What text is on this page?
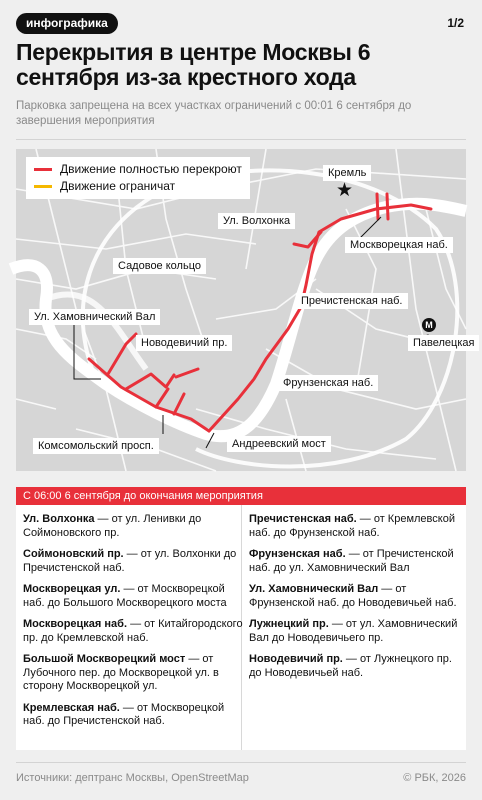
инфографика	1/2
Перекрытия в центре Москвы 6 сентября из-за крестного хода
Парковка запрещена на всех участках ограничений с 00:01 6 сентября до завершения мероприятия
Движение полностью перекроют
Движение ограничат
Кремль
★
Ул. Волхонка
Москворецкая наб.
Садовое кольцо
Пречистенская наб.
Ул. Хамовнический Вал
Новодевичий пр.
М
Павелецкая
Фрунзенская наб.
Комсомольский просп.	Андреевский мост
С 06:00 6 сентября до окончания мероприятия
Ул. Волхонка — от ул. Ленивки до Соймоновского пр.
Соймоновский пр. — от ул. Волхонки до Пречистенской наб.
Москворецкая ул. — от Москворецкой наб. до Большого Москворецкого моста
Москворецкая наб. — от Китайгородского пр. до Кремлевской наб.
Большой Москворецкий мост — от Лубочного пер. до Москворецкой ул. в сторону Москворецкой ул.
Кремлевская наб. — от Москворецкой наб. до Пречистенской наб.
Пречистенская наб. — от Кремлевской наб. до Фрунзенской наб.
Фрунзенская наб. — от Пречистенской наб. до ул. Хамовнический Вал
Ул. Хамовнический Вал — от Фрунзенской наб. до Новодевичьей наб.
Лужнецкий пр. — от ул. Хамовнический Вал до Новодевичьего пр.
Новодевичий пр. — от Лужнецкого пр. до Новодевичьей наб.
Источники: дептранс Москвы, OpenStreetMap	© РБК, 2026
